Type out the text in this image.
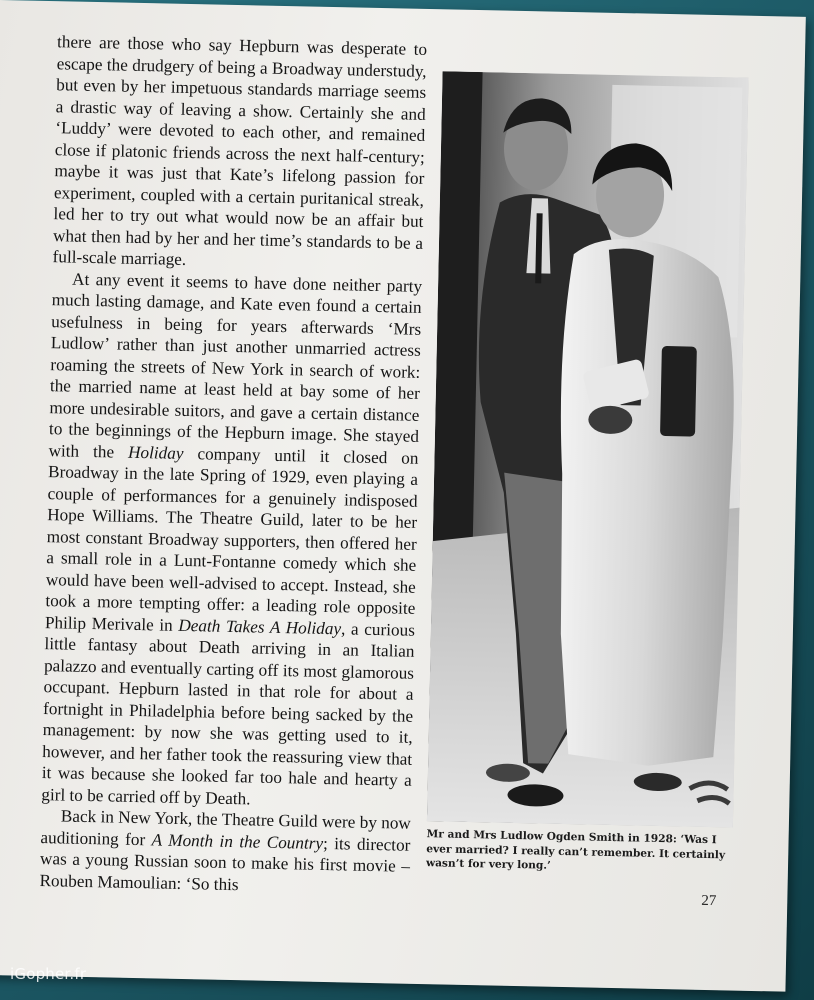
there are those who say Hepburn was desperate to escape the drudgery of being a Broadway understudy, but even by her impetuous standards marriage seems a drastic way of leaving a show. Certainly she and ‘Luddy’ were devoted to each other, and remained close if platonic friends across the next half-century; maybe it was just that Kate’s lifelong passion for experiment, coupled with a certain puritanical streak, led her to try out what would now be an affair but what then had by her and her time’s standards to be a full-scale marriage.

At any event it seems to have done neither party much lasting damage, and Kate even found a certain usefulness in being for years afterwards ‘Mrs Ludlow’ rather than just another unmarried actress roaming the streets of New York in search of work: the married name at least held at bay some of her more undesirable suitors, and gave a certain distance to the beginnings of the Hepburn image. She stayed with the Holiday company until it closed on Broadway in the late Spring of 1929, even playing a couple of performances for a genuinely indisposed Hope Williams. The Theatre Guild, later to be her most constant Broadway supporters, then offered her a small role in a Lunt-Fontanne comedy which she would have been well-advised to accept. Instead, she took a more tempting offer: a leading role opposite Philip Merivale in Death Takes A Holiday, a curious little fantasy about Death arriving in an Italian palazzo and eventually carting off its most glamorous occupant. Hepburn lasted in that role for about a fortnight in Philadelphia before being sacked by the management: by now she was getting used to it, however, and her father took the reassuring view that it was because she looked far too hale and hearty a girl to be carried off by Death.

Back in New York, the Theatre Guild were by now auditioning for A Month in the Country; its director was a young Russian soon to make his first movie – Rouben Mamoulian: ‘So this

Mr and Mrs Ludlow Ogden Smith in 1928: ‘Was I ever married? I really can’t remember. It certainly wasn’t for very long.’
27
iGopher.fr
